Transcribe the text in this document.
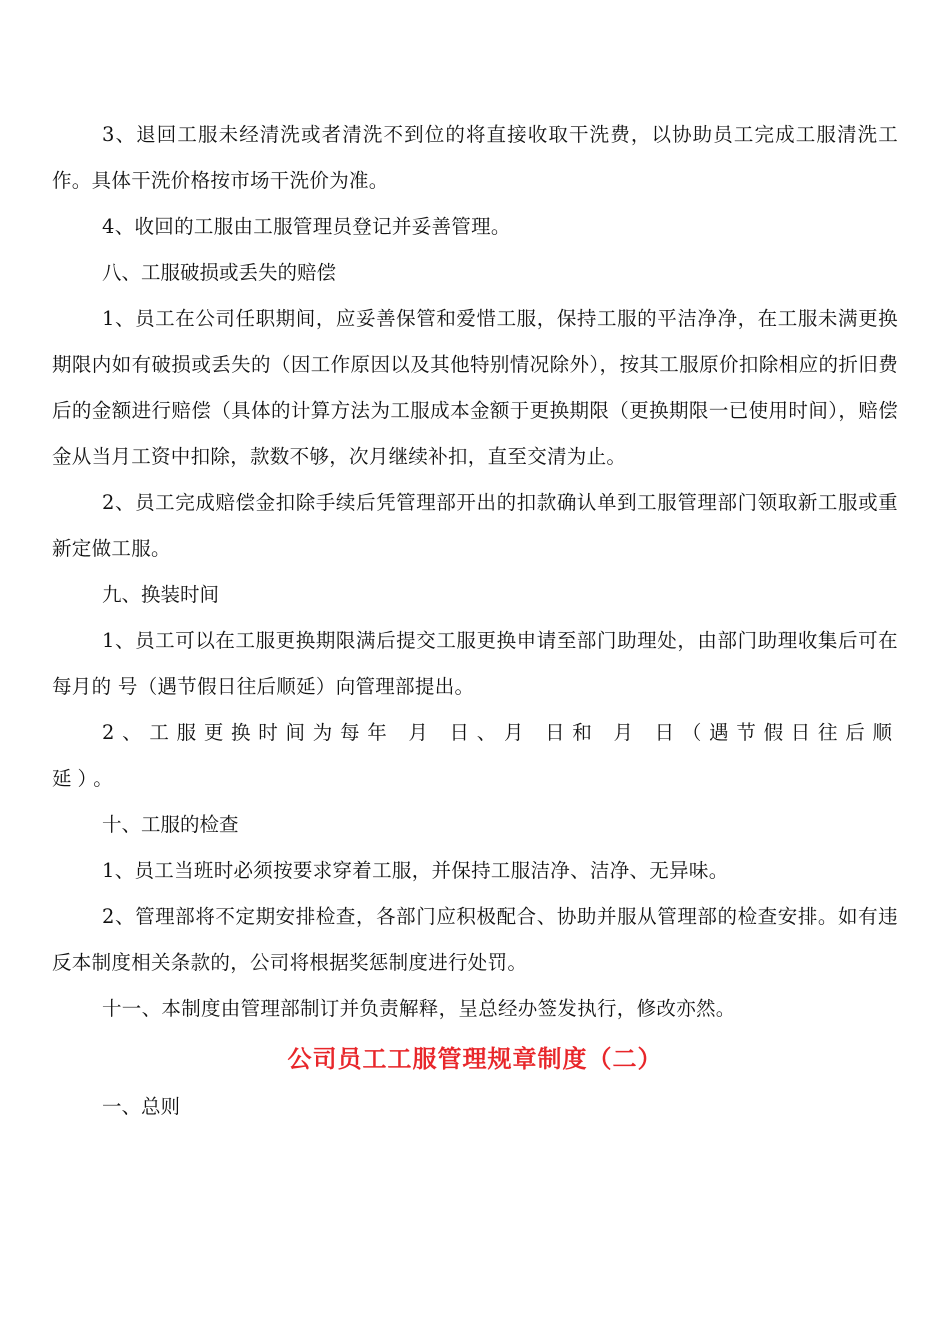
3、退回工服未经清洗或者清洗不到位的将直接收取干洗费，以协助员工完成工服清洗工作。具体干洗价格按市场干洗价为准。

4、收回的工服由工服管理员登记并妥善管理。

八、工服破损或丢失的赔偿

1、员工在公司任职期间，应妥善保管和爱惜工服，保持工服的平洁净净，在工服未满更换期限内如有破损或丢失的（因工作原因以及其他特别情况除外），按其工服原价扣除相应的折旧费后的金额进行赔偿（具体的计算方法为工服成本金额于更换期限（更换期限一已使用时间），赔偿金从当月工资中扣除，款数不够，次月继续补扣，直至交清为止。

2、员工完成赔偿金扣除手续后凭管理部开出的扣款确认单到工服管理部门领取新工服或重新定做工服。

九、换装时间

1、员工可以在工服更换期限满后提交工服更换申请至部门助理处，由部门助理收集后可在每月的 号（遇节假日往后顺延）向管理部提出。

2、工服更换时间为每年 月 日、月 日和 月 日（遇节假日往后顺延）。

十、工服的检查

1、员工当班时必须按要求穿着工服，并保持工服洁净、洁净、无异味。

2、管理部将不定期安排检查，各部门应积极配合、协助并服从管理部的检查安排。如有违反本制度相关条款的，公司将根据奖惩制度进行处罚。

十一、本制度由管理部制订并负责解释，呈总经办签发执行，修改亦然。

公司员工工服管理规章制度（二）

一、总则
